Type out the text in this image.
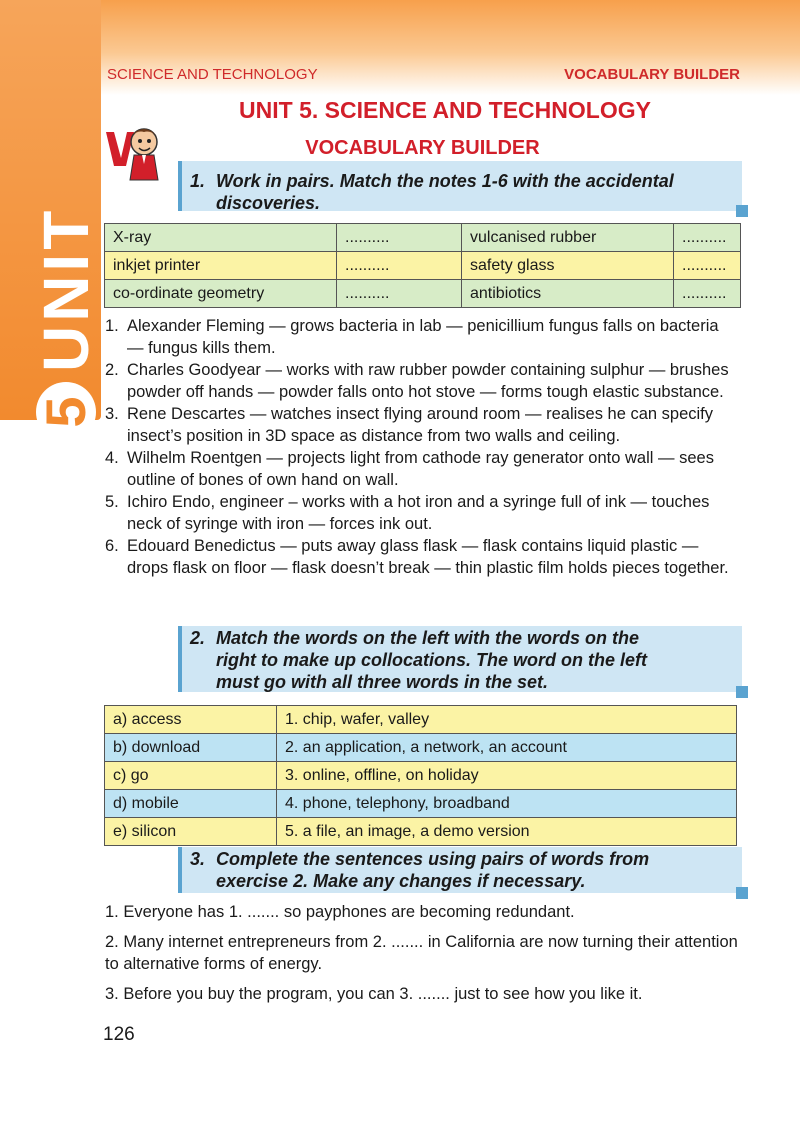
5UNIT
SCIENCE AND TECHNOLOGY	VOCABULARY BUILDER
UNIT 5. SCIENCE AND TECHNOLOGY
VOCABULARY BUILDER
1. Work in pairs. Match the notes 1-6 with the accidental
discoveries.
X-ray	..........	vulcanised rubber	..........
inkjet printer	..........	safety glass	..........
co-ordinate geometry	..........	antibiotics	..........
1. Alexander Fleming — grows bacteria in lab — penicillium fungus falls on bacteria — fungus kills them.
2. Charles Goodyear — works with raw rubber powder containing sulphur — brushes powder off hands — powder falls onto hot stove — forms tough elastic substance.
3. Rene Descartes — watches insect flying around room — realises he can specify insect’s position in 3D space as distance from two walls and ceiling.
4. Wilhelm Roentgen — projects light from cathode ray generator onto wall — sees outline of bones of own hand on wall.
5. Ichiro Endo, engineer – works with a hot iron and a syringe full of ink — touches neck of syringe with iron — forces ink out.
6. Edouard Benedictus — puts away glass flask — flask contains liquid plastic — drops flask on floor — flask doesn’t break — thin plastic film holds pieces together.
2. Match the words on the left with the words on the
right to make up collocations. The word on the left
must go with all three words in the set.
a) access	1. chip, wafer, valley
b) download	2. an application, a network, an account
c) go	3. online, offline, on holiday
d) mobile	4. phone, telephony, broadband
e) silicon	5. a file, an image, a demo version
3. Complete the sentences using pairs of words from
exercise 2. Make any changes if necessary.

1. Everyone has 1. ....... so payphones are becoming redundant.

2. Many internet entrepreneurs from 2. ....... in California are now turning their attention to alternative forms of energy.

3. Before you buy the program, you can 3. ....... just to see how you like it.

126
